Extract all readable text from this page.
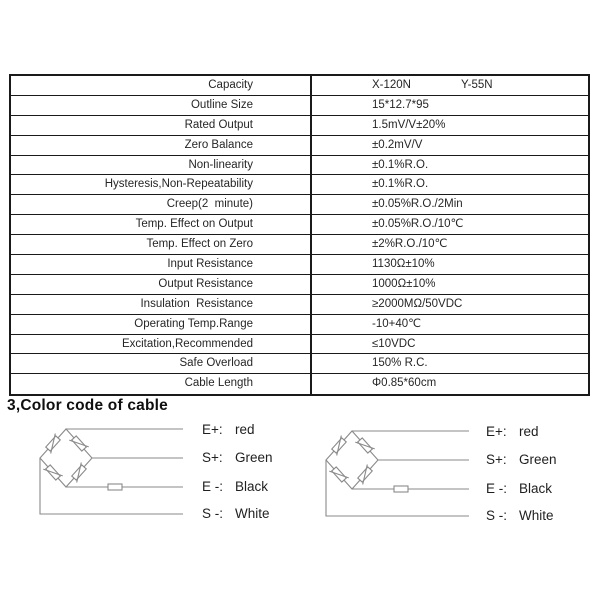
Capacity	X-120N	Y-55N
Outline Size	15*12.7*95
Rated Output	1.5mV/V±20%
Zero Balance	±0.2mV/V
Non-linearity	±0.1%R.O.
Hysteresis,Non-Repeatability	±0.1%R.O.
Creep(2  minute)	±0.05%R.O./2Min
Temp. Effect on Output	±0.05%R.O./10℃
Temp. Effect on Zero	±2%R.O./10℃
Input Resistance	1130Ω±10%
Output Resistance	1000Ω±10%
Insulation  Resistance	≥2000MΩ/50VDC
Operating Temp.Range	-10+40℃
Excitation,Recommended	≤10VDC
Safe Overload	150% R.C.
Cable Length	Φ0.85*60cm
3,Color code of cable
E+: red
S+: Green
E -: Black
S -: White
E+: red
S+: Green
E -: Black
S -: White
